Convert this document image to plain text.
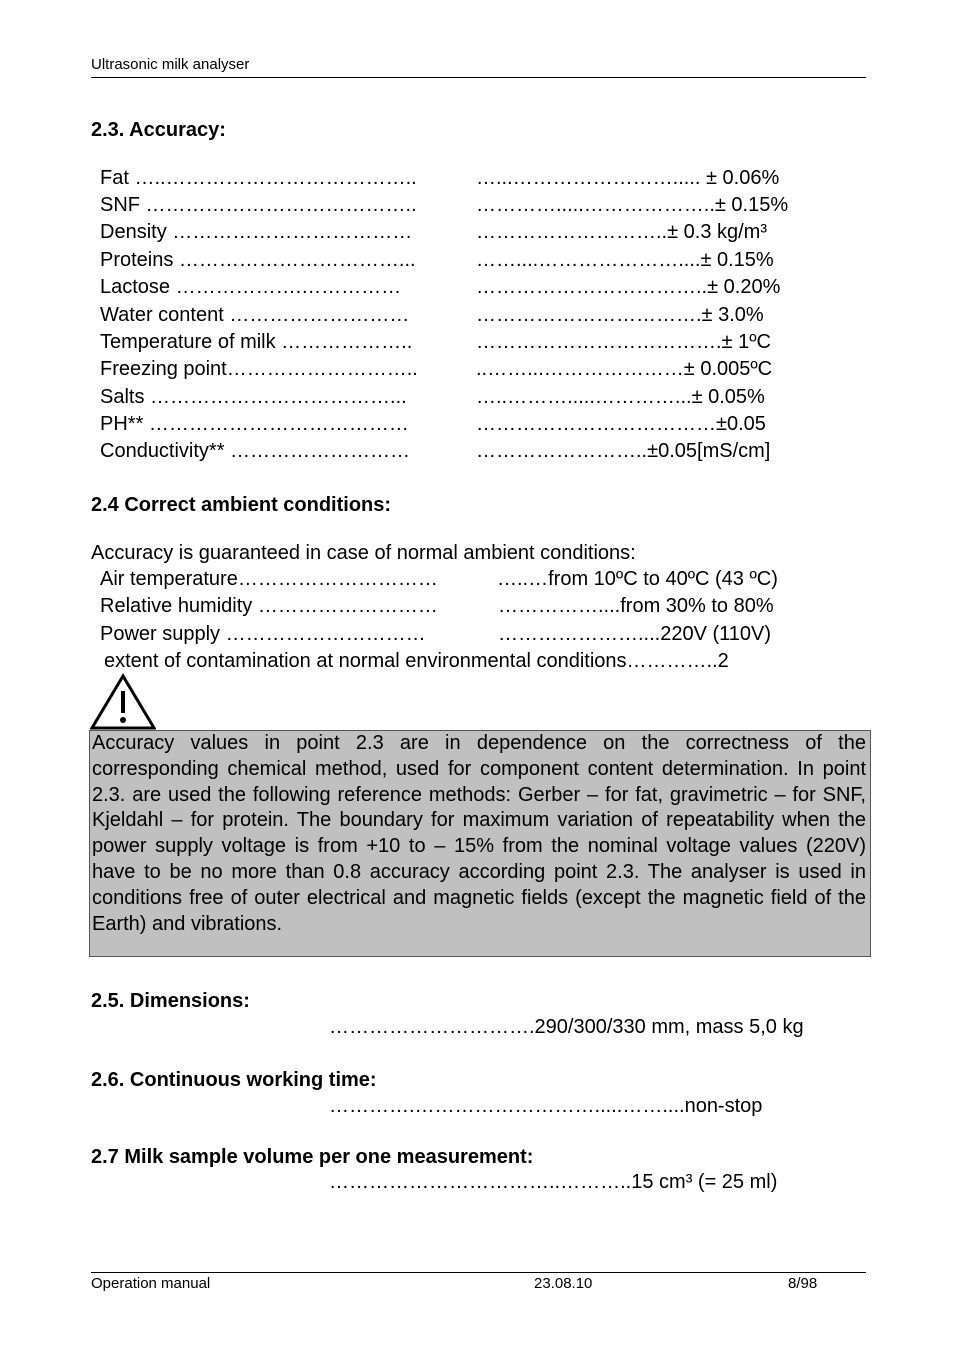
Ultrasonic milk analyser
2.3. Accuracy:
Fat …..………………………………..	…...……………………..... ± 0.06%
SNF …………………………………..	………….....………………..± 0.15%
Density ………………………………	………………………..± 0.3 kg/m³
Proteins ……………………………...	……....…………………....± 0.15%
Lactose ……………….……………	……………………………..± 0.20%
Water content ………………………	…………………………….± 3.0%
Temperature of milk ………………..	……………………………….± 1ºC
Freezing point………………………..	..……...…………………± 0.005ºC
Salts ………………………………...	…..……….....…………...± 0.05%
PH** …………………………………	………………………………±0.05
Conductivity** ………………………	……………………..±0.05[mS/cm]
2.4 Correct ambient conditions:
Accuracy is guaranteed in case of normal ambient conditions:
Air temperature…………………………	…..…from 10ºC to 40ºC (43 ºC)
Relative humidity ………………………	……………....from 30% to 80%
Power supply …………………………	…………………....220V (110V)
extent of contamination at normal environmental conditions…………..2
Accuracy values in point 2.3 are in dependence on the correctness of the corresponding chemical method, used for component content determination. In point 2.3. are used the following reference methods: Gerber – for fat, gravimetric – for SNF, Kjeldahl – for protein. The boundary for maximum variation of repeatability when the power supply voltage is from +10 to – 15% from the nominal voltage values (220V) have to be no more than 0.8 accuracy according point 2.3. The analyser is used in conditions free of outer electrical and magnetic fields (except the magnetic field of the Earth) and vibrations.
2.5. Dimensions:
………………………….290/300/330 mm, mass 5,0 kg
2.6. Continuous working time:
………….……………………….....……....non-stop
2.7 Milk sample volume per one measurement:
……………………………..………..15 cm³ (= 25 ml)
Operation manual	23.08.10	8/98
